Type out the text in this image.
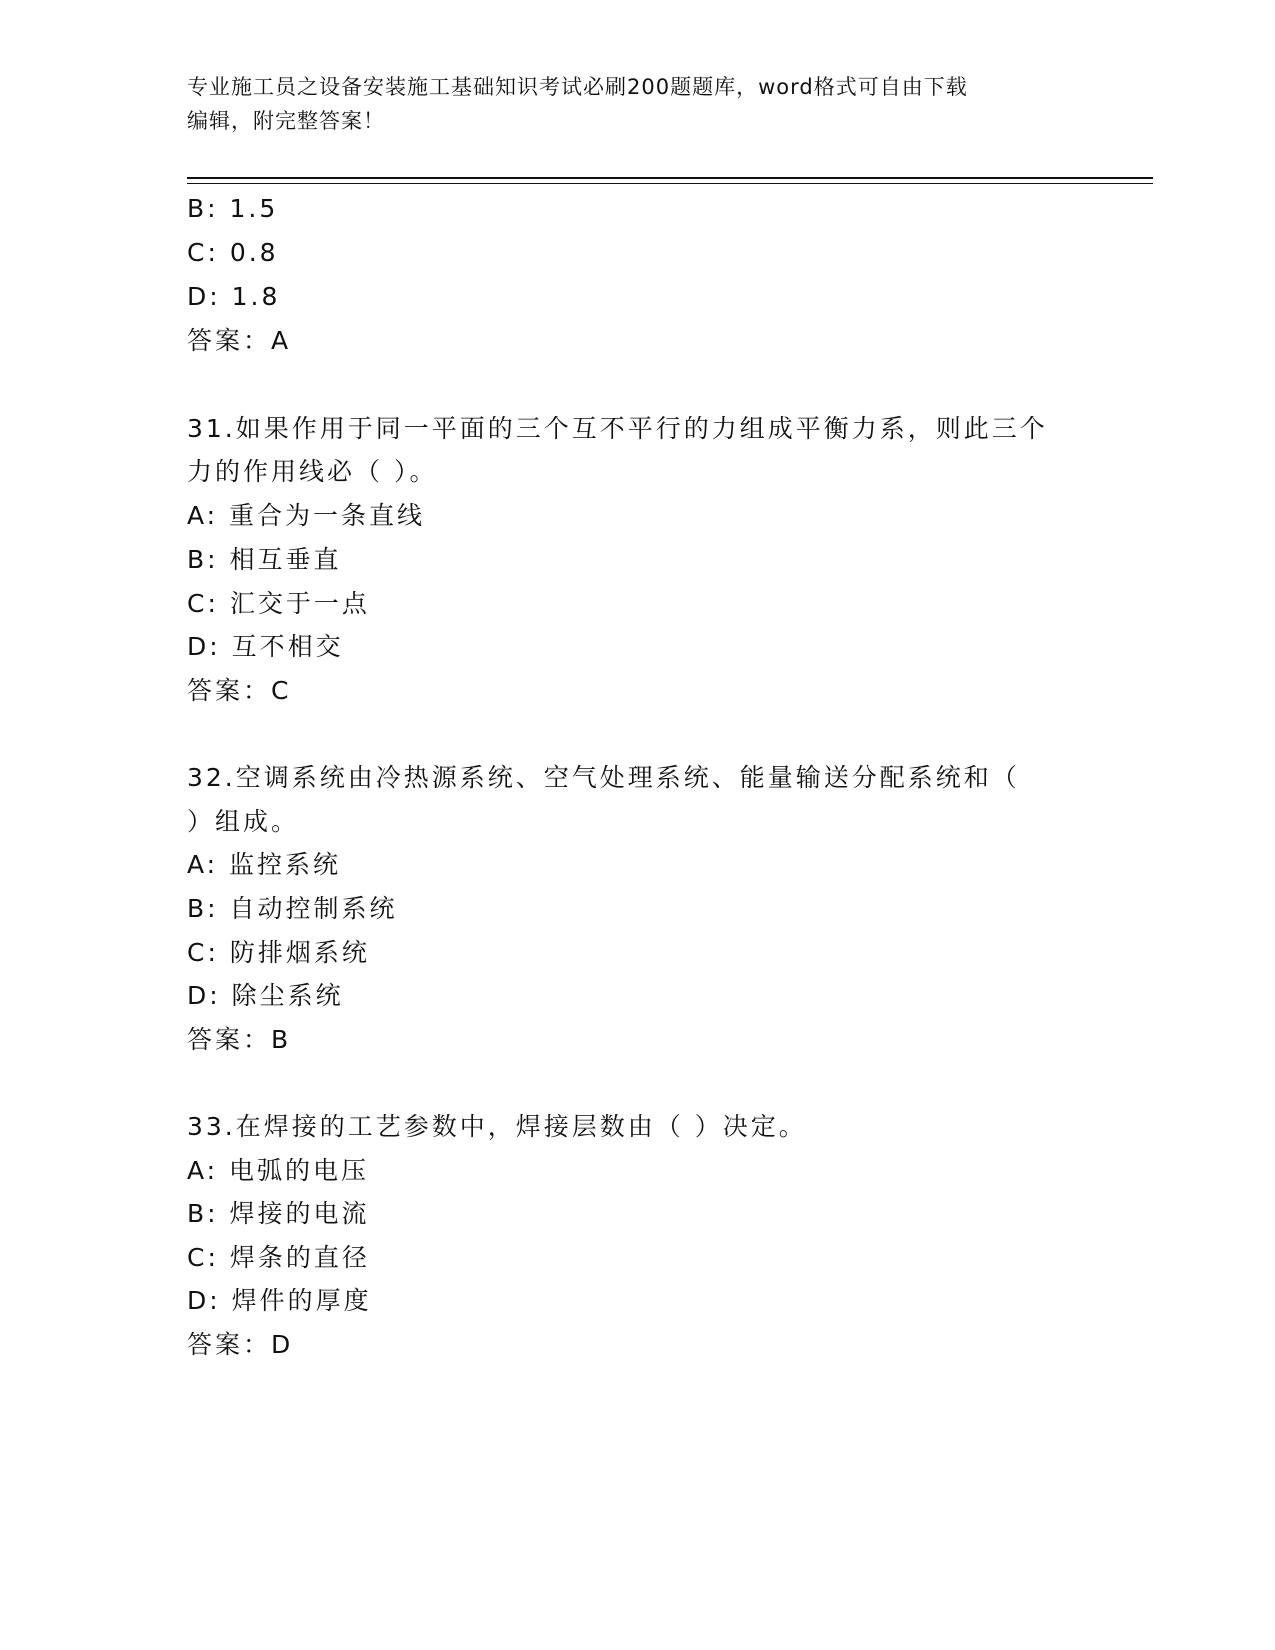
专业施工员之设备安装施工基础知识考试必刷200题题库，word格式可自由下载
编辑，附完整答案！
B: 1.5
C: 0.8
D: 1.8
答案：A
31.如果作用于同一平面的三个互不平行的力组成平衡力系，则此三个
力的作用线必（ ）。
A: 重合为一条直线
B: 相互垂直
C: 汇交于一点
D: 互不相交
答案：C
32.空调系统由冷热源系统、空气处理系统、能量输送分配系统和（
）组成。
A: 监控系统
B: 自动控制系统
C: 防排烟系统
D: 除尘系统
答案：B
33.在焊接的工艺参数中，焊接层数由（ ）决定。
A: 电弧的电压
B: 焊接的电流
C: 焊条的直径
D: 焊件的厚度
答案：D
